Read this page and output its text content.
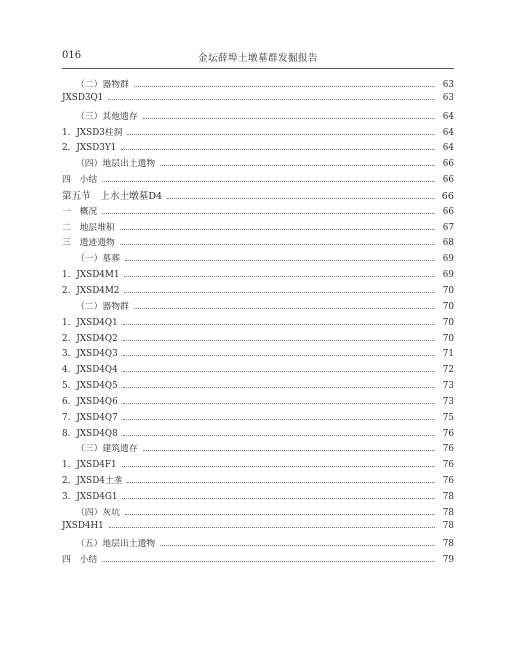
016	金坛薛埠土墩墓群发掘报告
（二）器物群	63
JXSD3Q1	63
（三）其他遗存	64
1．JXSD3柱洞	64
2．JXSD3Y1	64
（四）地层出土遗物	66
四　小结	66
第五节　上水土墩墓D4	66
一　概况	66
二　地层堆积	67
三　遗迹遗物	68
（一）墓葬	69
1．JXSD4M1	69
2．JXSD4M2	70
（二）器物群	70
1．JXSD4Q1	70
2．JXSD4Q2	70
3．JXSD4Q3	71
4．JXSD4Q4	72
5．JXSD4Q5	73
6．JXSD4Q6	73
7．JXSD4Q7	75
8．JXSD4Q8	76
（三）建筑遗存	76
1．JXSD4F1	76
2．JXSD4土垄	76
3．JXSD4G1	78
（四）灰坑	78
JXSD4H1	78
（五）地层出土遗物	78
四　小结	79
